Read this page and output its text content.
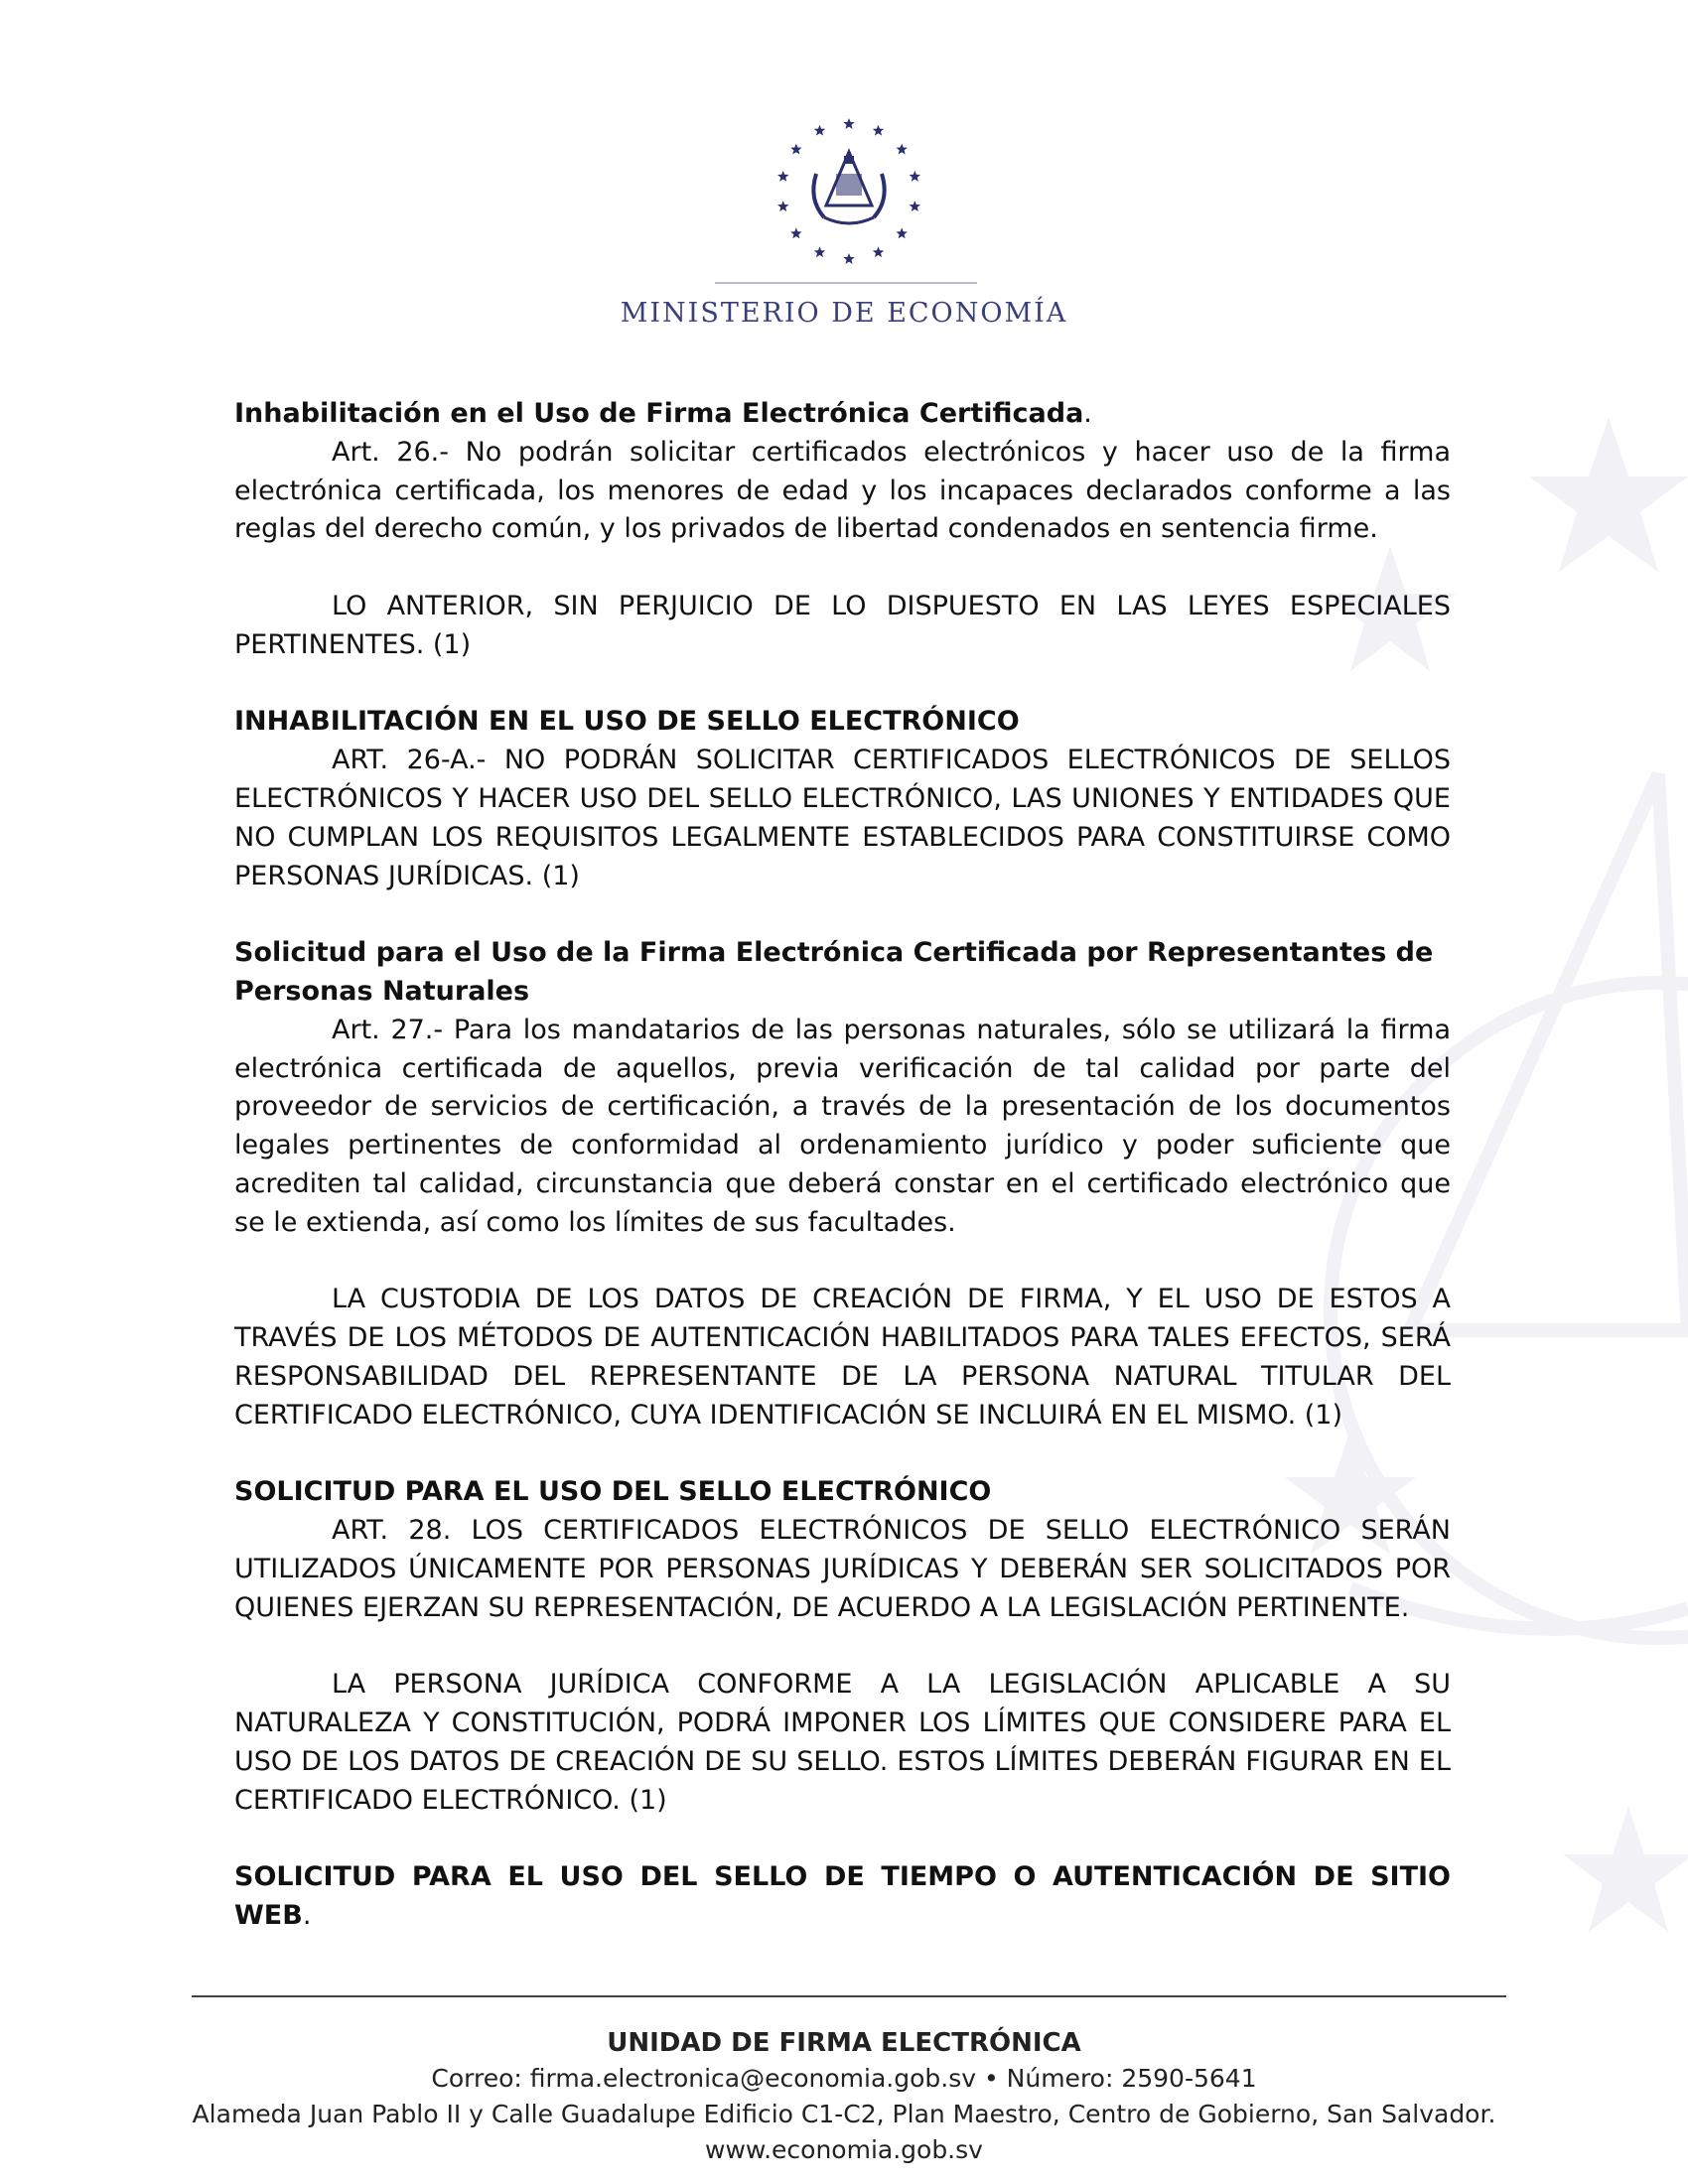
MINISTERIO DE ECONOMÍA

Inhabilitación en el Uso de Firma Electrónica Certificada.

Art. 26.- No podrán solicitar certificados electrónicos y hacer uso de la firma electrónica certificada, los menores de edad y los incapaces declarados conforme a las reglas del derecho común, y los privados de libertad condenados en sentencia firme.

LO ANTERIOR, SIN PERJUICIO DE LO DISPUESTO EN LAS LEYES ESPECIALES PERTINENTES. (1)

INHABILITACIÓN EN EL USO DE SELLO ELECTRÓNICO

ART. 26-A.- NO PODRÁN SOLICITAR CERTIFICADOS ELECTRÓNICOS DE SELLOS ELECTRÓNICOS Y HACER USO DEL SELLO ELECTRÓNICO, LAS UNIONES Y ENTIDADES QUE NO CUMPLAN LOS REQUISITOS LEGALMENTE ESTABLECIDOS PARA CONSTITUIRSE COMO PERSONAS JURÍDICAS. (1)

Solicitud para el Uso de la Firma Electrónica Certificada por Representantes de Personas Naturales

Art. 27.- Para los mandatarios de las personas naturales, sólo se utilizará la firma electrónica certificada de aquellos, previa verificación de tal calidad por parte del proveedor de servicios de certificación, a través de la presentación de los documentos legales pertinentes de conformidad al ordenamiento jurídico y poder suficiente que acrediten tal calidad, circunstancia que deberá constar en el certificado electrónico que se le extienda, así como los límites de sus facultades.

LA CUSTODIA DE LOS DATOS DE CREACIÓN DE FIRMA, Y EL USO DE ESTOS A TRAVÉS DE LOS MÉTODOS DE AUTENTICACIÓN HABILITADOS PARA TALES EFECTOS, SERÁ RESPONSABILIDAD DEL REPRESENTANTE DE LA PERSONA NATURAL TITULAR DEL CERTIFICADO ELECTRÓNICO, CUYA IDENTIFICACIÓN SE INCLUIRÁ EN EL MISMO. (1)

SOLICITUD PARA EL USO DEL SELLO ELECTRÓNICO

ART. 28. LOS CERTIFICADOS ELECTRÓNICOS DE SELLO ELECTRÓNICO SERÁN UTILIZADOS ÚNICAMENTE POR PERSONAS JURÍDICAS Y DEBERÁN SER SOLICITADOS POR QUIENES EJERZAN SU REPRESENTACIÓN, DE ACUERDO A LA LEGISLACIÓN PERTINENTE.

LA PERSONA JURÍDICA CONFORME A LA LEGISLACIÓN APLICABLE A SU NATURALEZA Y CONSTITUCIÓN, PODRÁ IMPONER LOS LÍMITES QUE CONSIDERE PARA EL USO DE LOS DATOS DE CREACIÓN DE SU SELLO. ESTOS LÍMITES DEBERÁN FIGURAR EN EL CERTIFICADO ELECTRÓNICO. (1)

SOLICITUD PARA EL USO DEL SELLO DE TIEMPO O AUTENTICACIÓN DE SITIO WEB.

UNIDAD DE FIRMA ELECTRÓNICA
Correo: firma.electronica@economia.gob.sv • Número: 2590-5641
Alameda Juan Pablo II y Calle Guadalupe Edificio C1-C2, Plan Maestro, Centro de Gobierno, San Salvador.
www.economia.gob.sv
